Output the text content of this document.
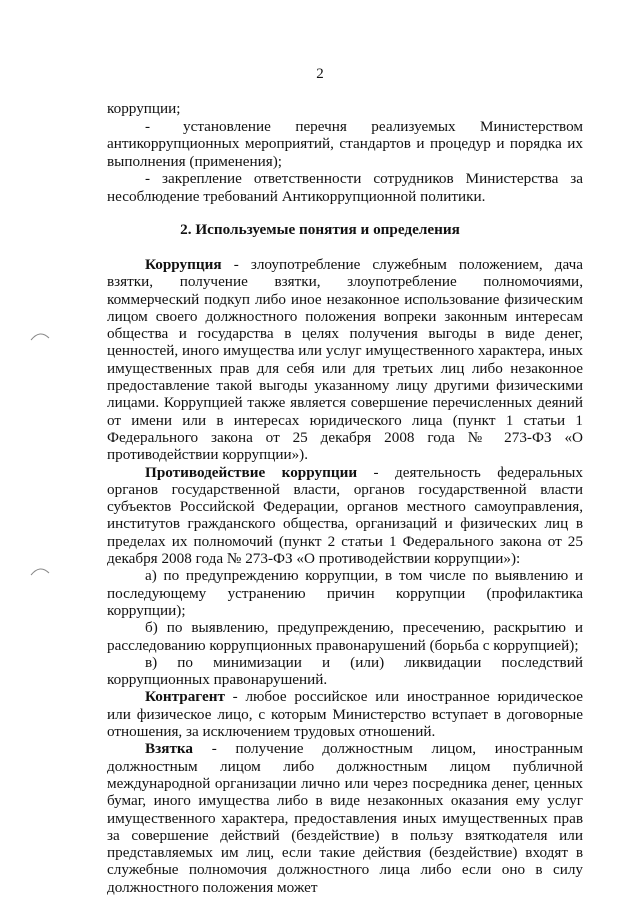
2

коррупции;

- установление перечня реализуемых Министерством антикоррупционных мероприятий, стандартов и процедур и порядка их выполнения (применения);

- закрепление ответственности сотрудников Министерства за несоблюдение требований Антикоррупционной политики.

2. Используемые понятия и определения

Коррупция - злоупотребление служебным положением, дача взятки, получение взятки, злоупотребление полномочиями, коммерческий подкуп либо иное незаконное использование физическим лицом своего должностного положения вопреки законным интересам общества и государства в целях получения выгоды в виде денег, ценностей, иного имущества или услуг имущественного характера, иных имущественных прав для себя или для третьих лиц либо незаконное предоставление такой выгоды указанному лицу другими физическими лицами. Коррупцией также является совершение перечисленных деяний от имени или в интересах юридического лица (пункт 1 статьи 1 Федерального закона от 25 декабря 2008 года № 273-ФЗ «О противодействии коррупции»).

Противодействие коррупции - деятельность федеральных органов государственной власти, органов государственной власти субъектов Российской Федерации, органов местного самоуправления, институтов гражданского общества, организаций и физических лиц в пределах их полномочий (пункт 2 статьи 1 Федерального закона от 25 декабря 2008 года № 273-ФЗ «О противодействии коррупции»):

а) по предупреждению коррупции, в том числе по выявлению и последующему устранению причин коррупции (профилактика коррупции);

б) по выявлению, предупреждению, пресечению, раскрытию и расследованию коррупционных правонарушений (борьба с коррупцией);

в) по минимизации и (или) ликвидации последствий коррупционных правонарушений.

Контрагент - любое российское или иностранное юридическое или физическое лицо, с которым Министерство вступает в договорные отношения, за исключением трудовых отношений.

Взятка - получение должностным лицом, иностранным должностным лицом либо должностным лицом публичной международной организации лично или через посредника денег, ценных бумаг, иного имущества либо в виде незаконных оказания ему услуг имущественного характера, предоставления иных имущественных прав за совершение действий (бездействие) в пользу взяткодателя или представляемых им лиц, если такие действия (бездействие) входят в служебные полномочия должностного лица либо если оно в силу должностного положения может
